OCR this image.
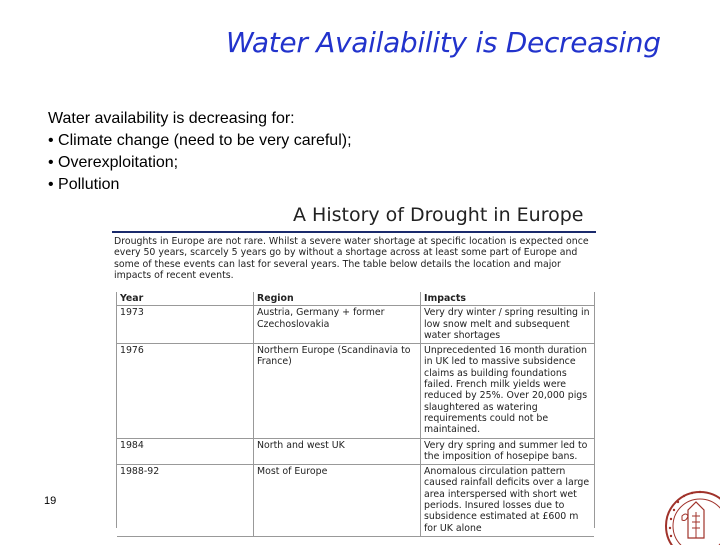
Water Availability is Decreasing
Water availability is decreasing for:
• Climate change (need to be very careful);
• Overexploitation;
• Pollution
A History of Drought in Europe
Droughts in Europe are not rare. Whilst a severe water shortage at specific location is expected once every 50 years, scarcely 5 years go by without a shortage across at least some part of Europe and some of these events can last for several years. The table below details the location and major impacts of recent events.
Year	Region	Impacts
1973	Austria, Germany + former Czechoslovakia	Very dry winter / spring resulting in low snow melt and subsequent water shortages
1976	Northern Europe (Scandinavia to France)	Unprecedented 16 month duration in UK led to massive subsidence claims as building foundations failed. French milk yields were reduced by 25%. Over 20,000 pigs slaughtered as watering requirements could not be maintained.
1984	North and west UK	Very dry spring and summer led to the imposition of hosepipe bans.
1988-92	Most of Europe	Anomalous circulation pattern caused rainfall deficits over a large area interspersed with short wet periods. Insured losses due to subsidence estimated at £600 m for UK alone
19
